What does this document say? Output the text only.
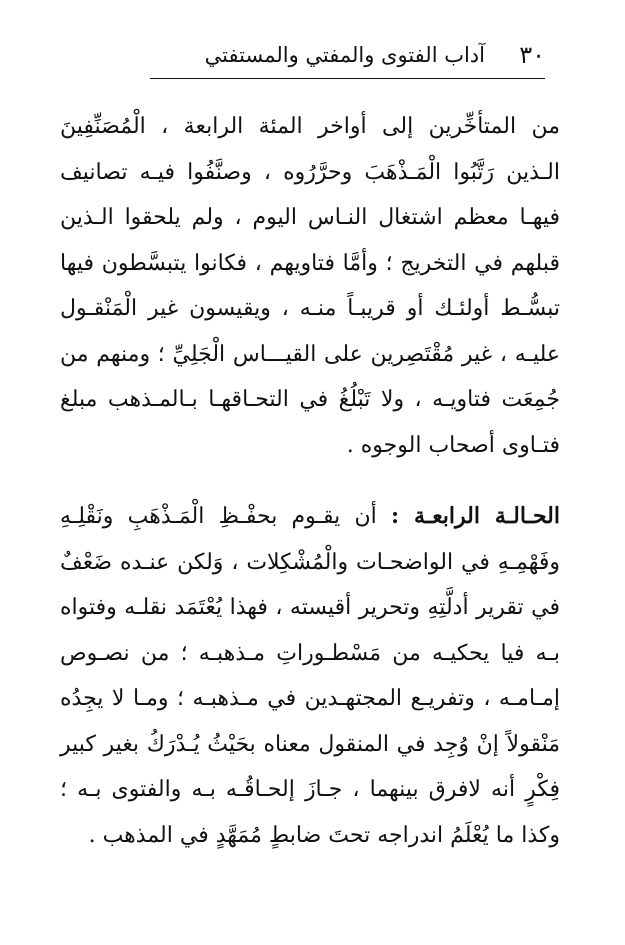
٣٠
آداب الفتوى والمفتي والمستفتي

من المتأخِّرين إلى أواخر المئة الرابعة ، الْمُصَنِّفِينَ الـذين رَتَّبُوا الْمَـذْهَبَ وحرَّرُوه ، وصنَّفُوا فيـه تصانيف فيهـا معظم اشتغال النـاس اليوم ، ولم يلحقوا الـذين قبلهم في التخريج ؛ وأمَّا فتاويهم ، فكانوا يتبسَّطون فيها تبسُّـط أولئـك أو قريبـاً منـه ، ويقيسون غير الْمَنْقـول عليـه ، غير مُقْتَصِرين على القيـــاس الْجَلِيِّ ؛ ومنهم من جُمِعَت فتاويـه ، ولا تَبْلُغُ في التحـاقهـا بـالمـذهب مبلغ فتـاوى أصحاب الوجوه .

الحـالـة الرابعـة : أن يقـوم بحفْـظِ الْمَـذْهَبِ ونَقْلِـهِ وفَهْمِـهِ في الواضحـات والْمُشْكِلات ، وَلكن عنـده ضَعْفٌ في تقرير أدلَّتِهِ وتحرير أقيسته ، فهذا يُعْتَمَد نقلـه وفتواه بـه فيا يحكيـه من مَسْطـوراتِ مـذهبـه ؛ من نصـوص إمـامـه ، وتفريـع المجتهـدين في مـذهبـه ؛ ومـا لا يجِدُه مَنْقولاً إنْ وُجِد في المنقول معناه بحَيْثُ يُـدْرَكُ بغير كبير فِكْرٍ أنه لافرق بينهما ، جـازَ إلحـاقُـه بـه والفتوى بـه ؛ وكذا ما يُعْلَمُ اندراجه تحتَ ضابطٍ مُمَهَّدٍ في المذهب .
